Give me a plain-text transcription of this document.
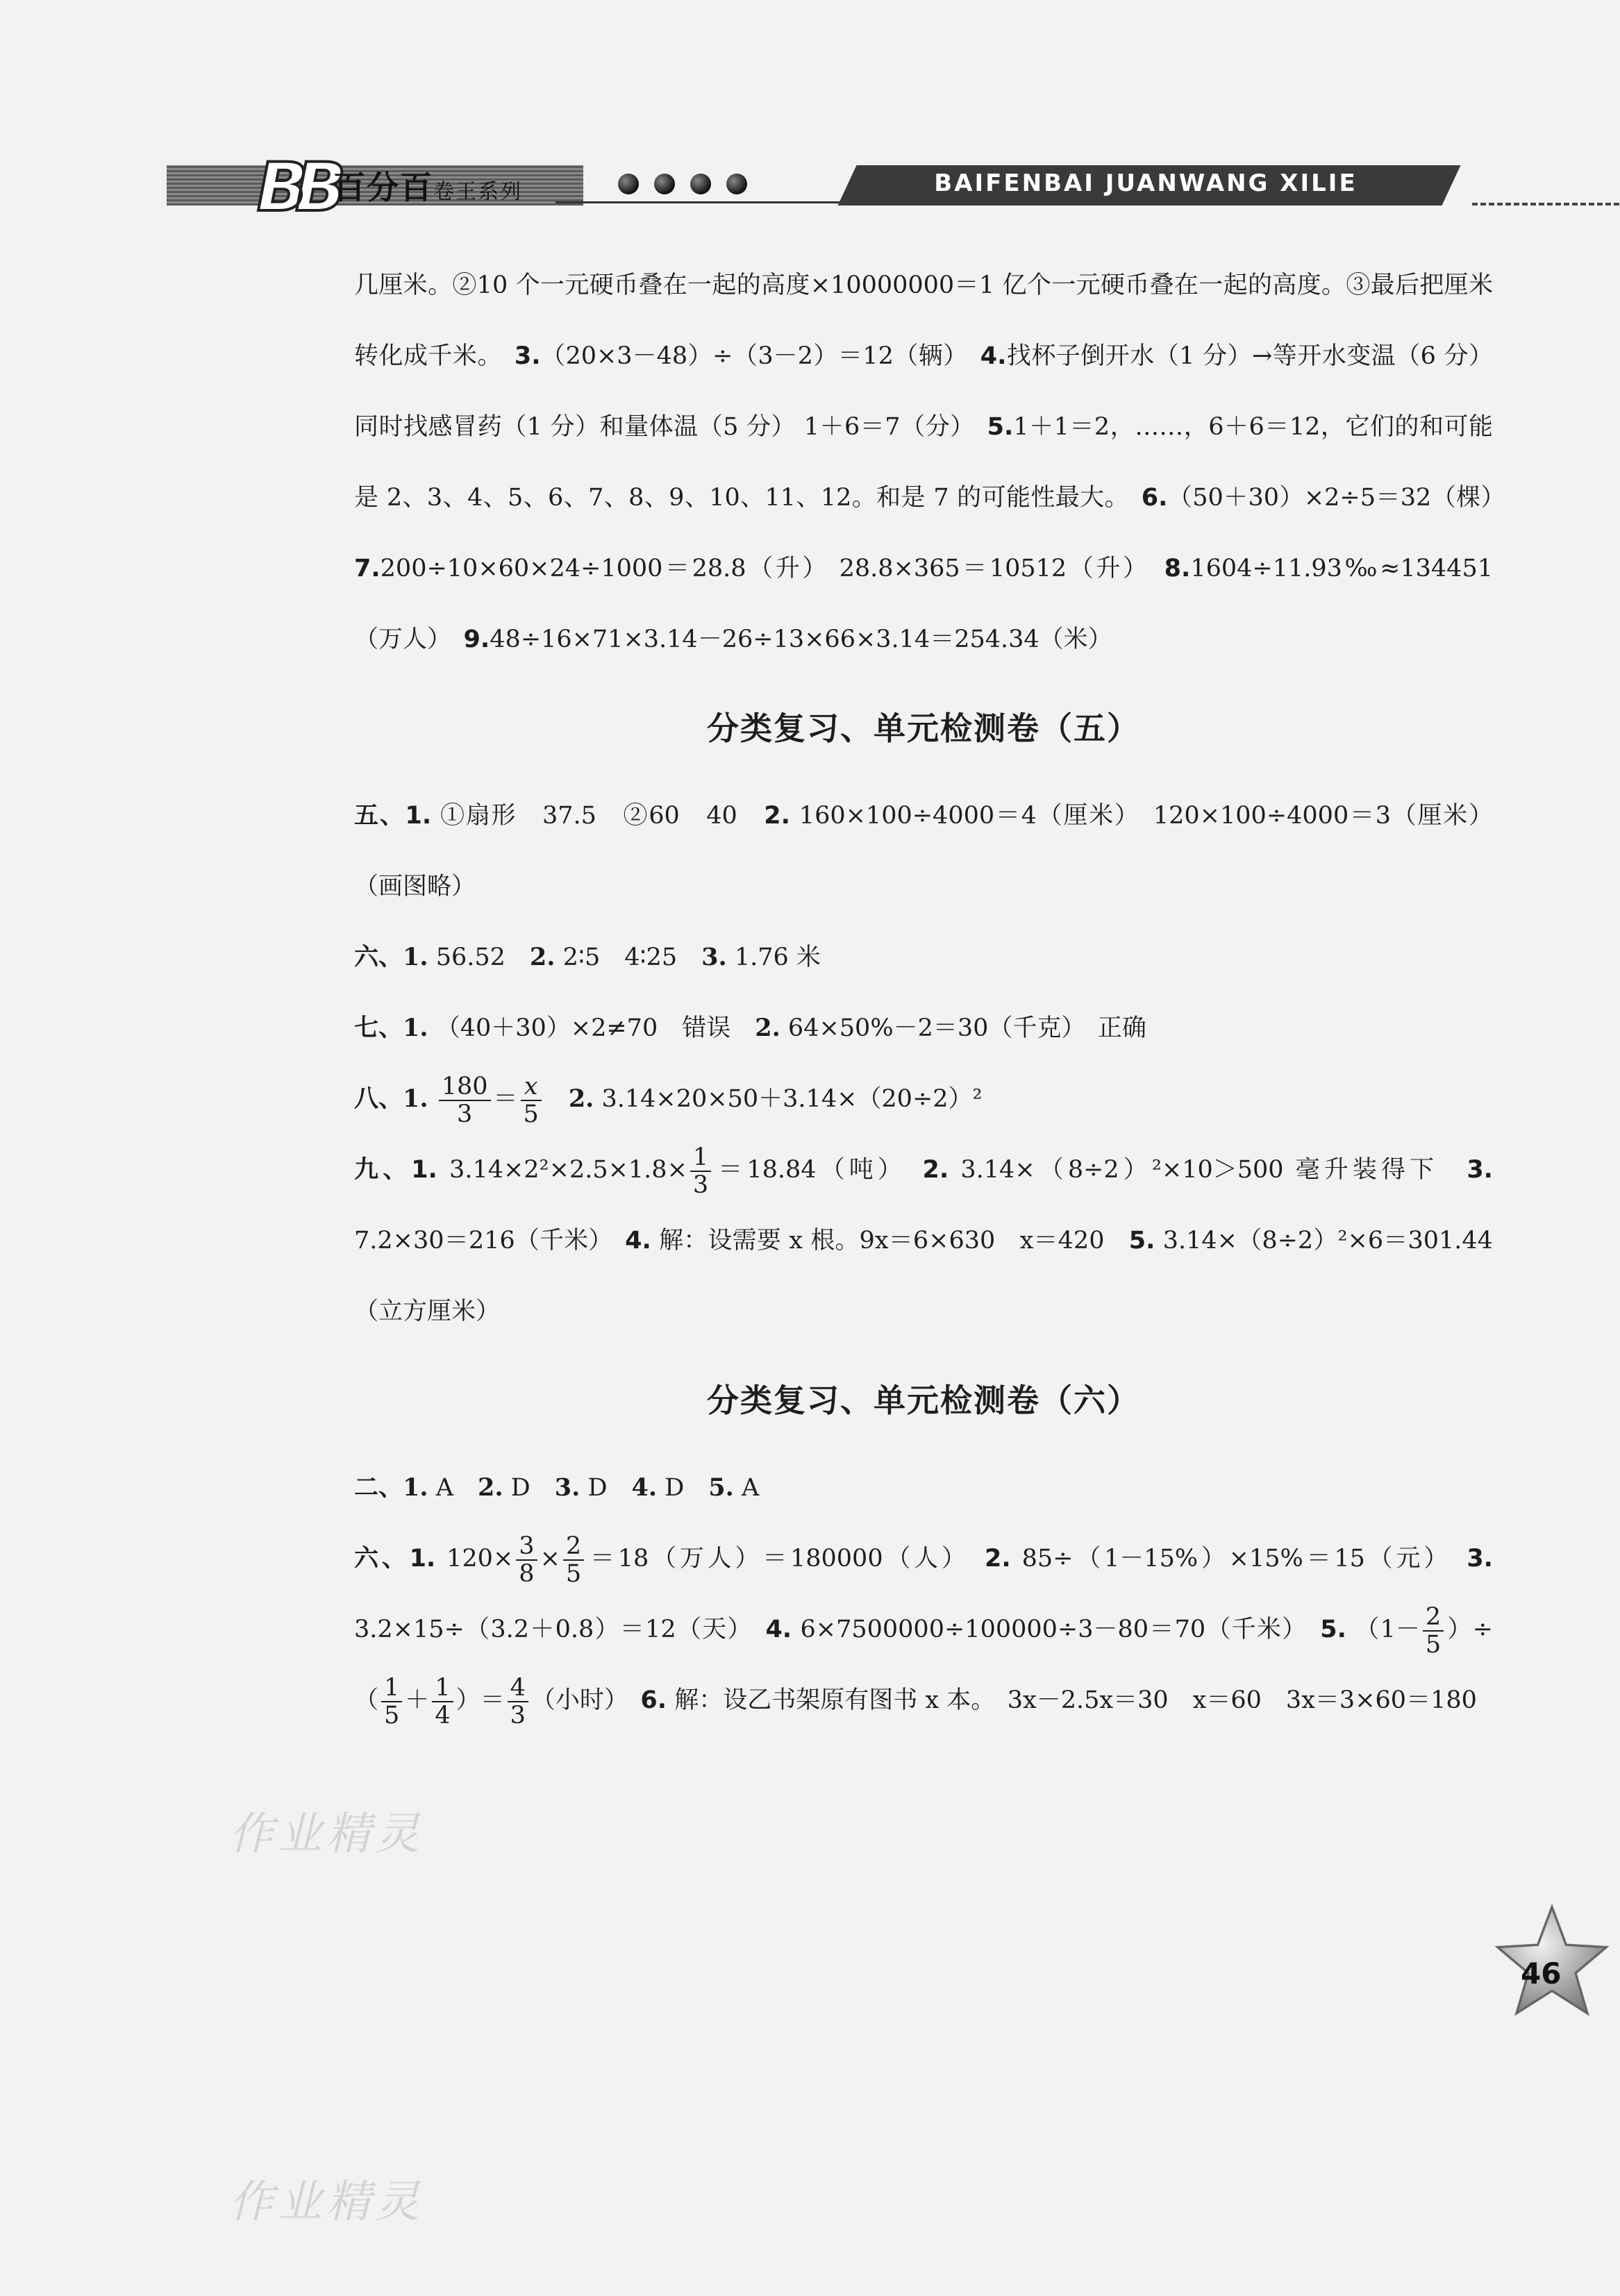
BB 百分百卷王系列	BAIFENBAI JUANWANG XILIE

几厘米。②10 个一元硬币叠在一起的高度×10000000＝1 亿个一元硬币叠在一起的高度。③最后把厘米转化成千米。　 3.（20×3－48）÷（3－2）＝12（辆）　 4.找杯子倒开水（1 分）→等开水变温（6 分）同时找感冒药（1 分）和量体温（5 分） 1＋6＝7（分）　 5.1＋1＝2，……，6＋6＝12，它们的和可能是 2、3、4、5、6、7、8、9、10、11、12。和是 7 的可能性最大。　 6.（50＋30）×2÷5＝32（棵）　7.200÷10×60×24÷1000＝28.8（升） 28.8×365＝10512（升）　 8.1604÷11.93‰≈134451（万人）　 9.48÷16×71×3.14－26÷13×66×3.14＝254.34（米）

分类复习、单元检测卷（五）

五、1. ①扇形　37.5　②60　40　 2. 160×100÷4000＝4（厘米）　120×100÷4000＝3（厘米）（画图略）

六、1. 56.52　 2. 2∶5　4∶25　 3. 1.76 米

七、1. （40＋30）×2≠70　错误　 2. 64×50%－2＝30（千克）　正确

八、1. $\frac{180}{3} = \frac{x}{5}$
　 2. 3.14×20×50＋3.14×（20÷2）²

九、1. $3.14\times 2^2\times 2.5\times 1.8\times \frac{1}{3} =18.84$（吨）　 2. 3.14×（8÷2）²×10＞500 毫升装得下　 3. 7.2×30＝216（千米）　 4. 解：设需要 x 根。9x＝6×630　x＝420　 5. 3.14×（8÷2）²×6＝301.44（立方厘米）

分类复习、单元检测卷（六）

二、1. A　 2. D　 3. D　 4. D　 5. A

六、1. $120\times \frac{3}{8} \times \frac{2}{5} =18$（万人）＝180000（人）　 2. 85÷（1－15%）×15%＝15（元）　 3. 3.2×15÷（3.2＋0.8）＝12（天）　 4. 6×7500000÷100000÷3－80＝70（千米）　 5. （$1- \frac{2}{5}$ ）÷（ $\frac{1}{5} + \frac{1}{4}$ ）＝ $\frac{4}{3}$ （小时）　 6. 解：设乙书架原有图书 x 本。　3x－2.5x＝30　x＝60　3x＝3×60＝180

46
作业精灵
作业精灵
